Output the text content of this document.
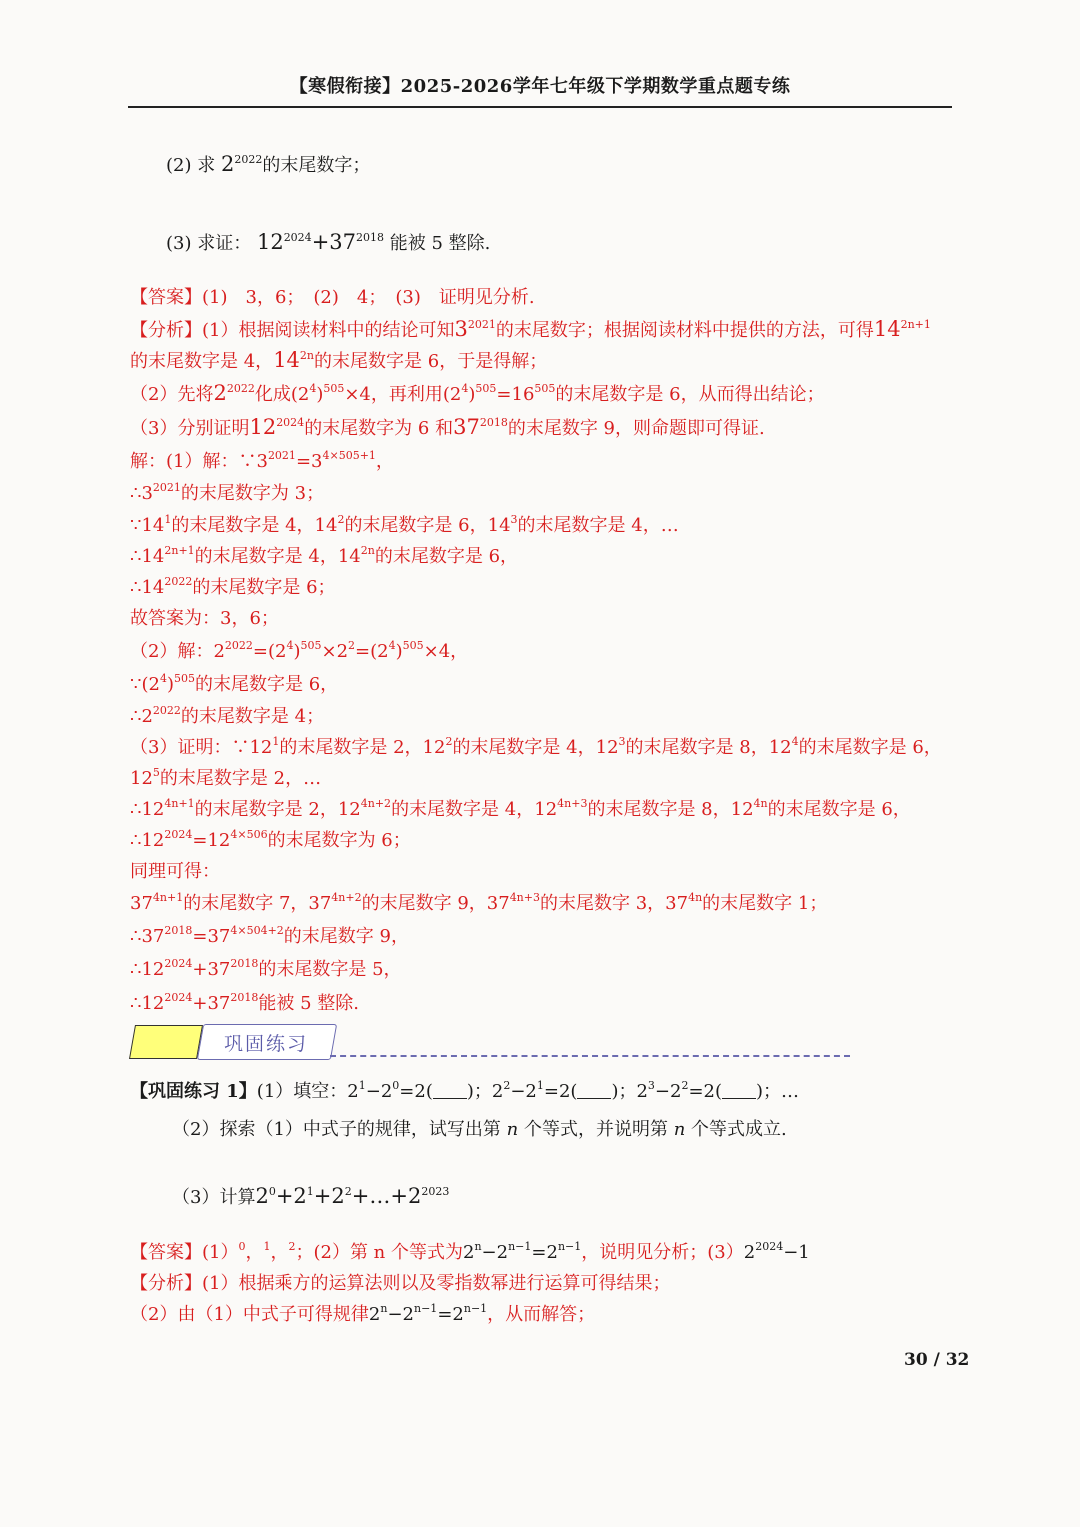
【寒假衔接】2025-2026学年七年级下学期数学重点题专练
(2) 求 $2^{2022}$的末尾数字；
(3) 求证： $12^{2024}+37^{2018}$ 能被 5 整除.
【答案】(1)　3，6；　(2)　4；　(3)　证明见分析.
【分析】(1）根据阅读材料中的结论可知$3^{2021}$的末尾数字；根据阅读材料中提供的方法，可得$14^{2n+1}$
的末尾数字是 4，$14^{2n}$的末尾数字是 6，于是得解；
（2）先将$2^{2022}$化成$(2^4)^{505}\times 4$，再利用$(2^4)^{505}=16^{505}$的末尾数字是 6，从而得出结论；
（3）分别证明$12^{2024}$的末尾数字为 6 和$37^{2018}$的末尾数字 9，则命题即可得证.
解：(1）解：$\because 3^{2021}=3^{4\times 505+1}$，
$\therefore 3^{2021}$的末尾数字为 3；
$\because 14^1$的末尾数字是 4，$14^2$的末尾数字是 6，$14^3$的末尾数字是 4，…
$\therefore 14^{2n+1}$的末尾数字是 4，$14^{2n}$的末尾数字是 6，
$\therefore 14^{2022}$的末尾数字是 6；
故答案为：3，6；
（2）解：$2^{2022}=(2^4)^{505}\times 2^2=(2^4)^{505}\times 4$，
$\because(2^4)^{505}$的末尾数字是 6，
$\therefore 2^{2022}$的末尾数字是 4；
（3）证明：$\because 12^1$的末尾数字是 2，$12^2$的末尾数字是 4，$12^3$的末尾数字是 8，$12^4$的末尾数字是 6，
$12^5$的末尾数字是 2，…
$\therefore 12^{4n+1}$的末尾数字是 2，$12^{4n+2}$的末尾数字是 4，$12^{4n+3}$的末尾数字是 8，$12^{4n}$的末尾数字是 6，
$\therefore 12^{2024}=12^{4\times 506}$的末尾数字为 6；
同理可得：
$37^{4n+1}$的末尾数字 7，$37^{4n+2}$的末尾数字 9，$37^{4n+3}$的末尾数字 3，$37^{4n}$的末尾数字 1；
$\therefore 37^{2018}=37^{4\times 504+2}$的末尾数字 9，
$\therefore 12^{2024}+37^{2018}$的末尾数字是 5，
$\therefore 12^{2024}+37^{2018}$能被 5 整除.
巩固练习
【巩固练习 1】(1）填空：$2^1-2^0=2$( )；$2^2-2^1=2$( )；$2^3-2^2=2$( )；…
（2）探索（1）中式子的规律，试写出第 n 个等式，并说明第 n 个等式成立.
（3）计算$2^0+2^1+2^2+\dots+2^{2023}$
【答案】(1）$^0$，$^1$，$^2$；(2）第 n 个等式为$2^n-2^{n-1}=2^{n-1}$，说明见分析；$(3)2^{2024}-1$
【分析】(1）根据乘方的运算法则以及零指数幂进行运算可得结果；
（2）由（1）中式子可得规律$2^n-2^{n-1}=2^{n-1}$，从而解答；
30 / 32
